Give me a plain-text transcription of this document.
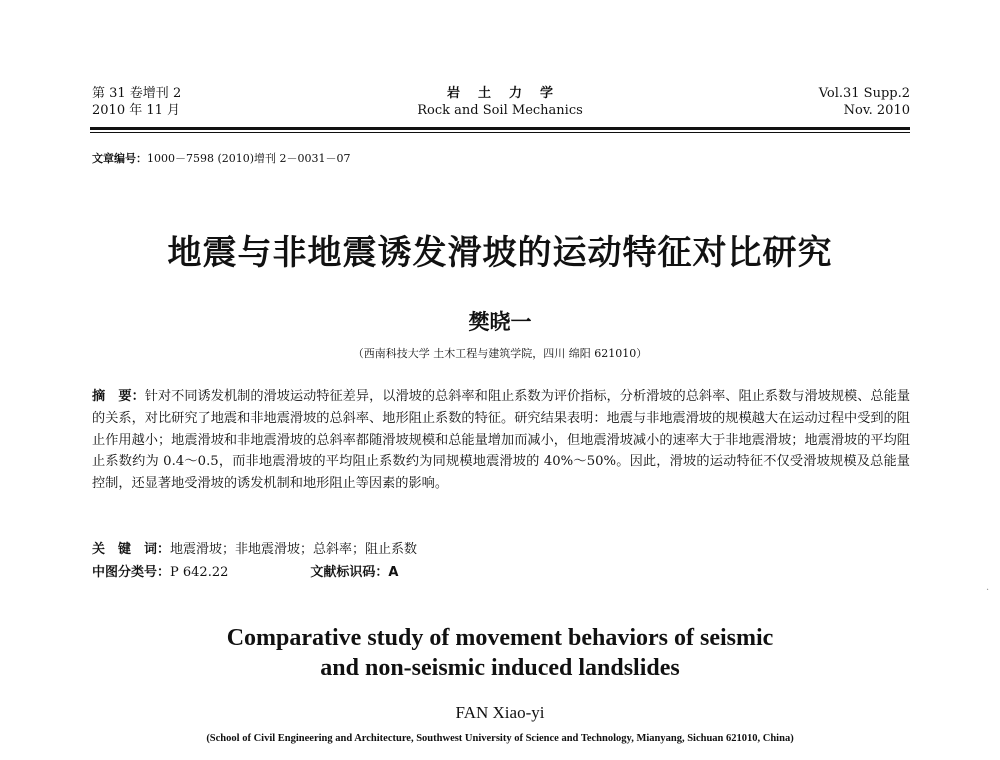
第 31 卷增刊 2
2010 年 11 月
岩土力学
Rock and Soil Mechanics
Vol.31 Supp.2
Nov. 2010
文章编号：1000－7598 (2010)增刊 2－0031－07
地震与非地震诱发滑坡的运动特征对比研究
樊晓一
（西南科技大学 土木工程与建筑学院，四川 绵阳 621010）
摘　要：针对不同诱发机制的滑坡运动特征差异，以滑坡的总斜率和阻止系数为评价指标，分析滑坡的总斜率、阻止系数与滑坡规模、总能量的关系，对比研究了地震和非地震滑坡的总斜率、地形阻止系数的特征。研究结果表明：地震与非地震滑坡的规模越大在运动过程中受到的阻止作用越小；地震滑坡和非地震滑坡的总斜率都随滑坡规模和总能量增加而减小，但地震滑坡减小的速率大于非地震滑坡；地震滑坡的平均阻止系数约为 0.4～0.5，而非地震滑坡的平均阻止系数约为同规模地震滑坡的 40%～50%。因此，滑坡的运动特征不仅受滑坡规模及总能量控制，还显著地受滑坡的诱发机制和地形阻止等因素的影响。
关　键　词：地震滑坡；非地震滑坡；总斜率；阻止系数
中图分类号：P 642.22	文献标识码：A
Comparative study of movement behaviors of seismic
and non-seismic induced landslides
FAN Xiao-yi
(School of Civil Engineering and Architecture, Southwest University of Science and Technology, Mianyang, Sichuan 621010, China)
·
